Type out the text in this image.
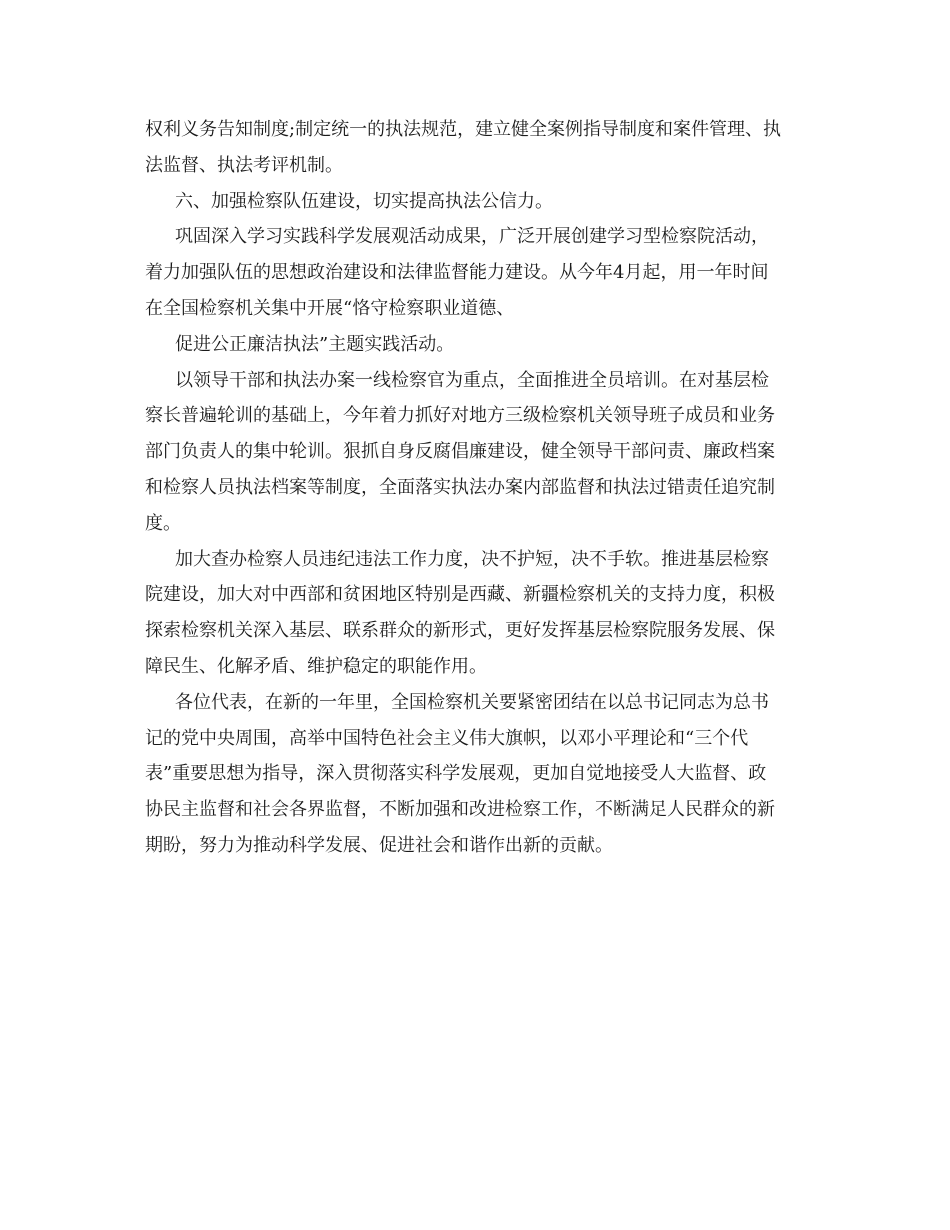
权利义务告知制度;制定统一的执法规范，建立健全案例指导制度和案件管理、执
法监督、执法考评机制。
六、加强检察队伍建设，切实提高执法公信力。
巩固深入学习实践科学发展观活动成果，广泛开展创建学习型检察院活动，
着力加强队伍的思想政治建设和法律监督能力建设。从今年4月起，用一年时间
在全国检察机关集中开展“恪守检察职业道德、
促进公正廉洁执法”主题实践活动。
以领导干部和执法办案一线检察官为重点，全面推进全员培训。在对基层检
察长普遍轮训的基础上，今年着力抓好对地方三级检察机关领导班子成员和业务
部门负责人的集中轮训。狠抓自身反腐倡廉建设，健全领导干部问责、廉政档案
和检察人员执法档案等制度，全面落实执法办案内部监督和执法过错责任追究制
度。
加大查办检察人员违纪违法工作力度，决不护短，决不手软。推进基层检察
院建设，加大对中西部和贫困地区特别是西藏、新疆检察机关的支持力度，积极
探索检察机关深入基层、联系群众的新形式，更好发挥基层检察院服务发展、保
障民生、化解矛盾、维护稳定的职能作用。
各位代表，在新的一年里，全国检察机关要紧密团结在以总书记同志为总书
记的党中央周围，高举中国特色社会主义伟大旗帜，以邓小平理论和“三个代
表”重要思想为指导，深入贯彻落实科学发展观，更加自觉地接受人大监督、政
协民主监督和社会各界监督，不断加强和改进检察工作，不断满足人民群众的新
期盼，努力为推动科学发展、促进社会和谐作出新的贡献。
